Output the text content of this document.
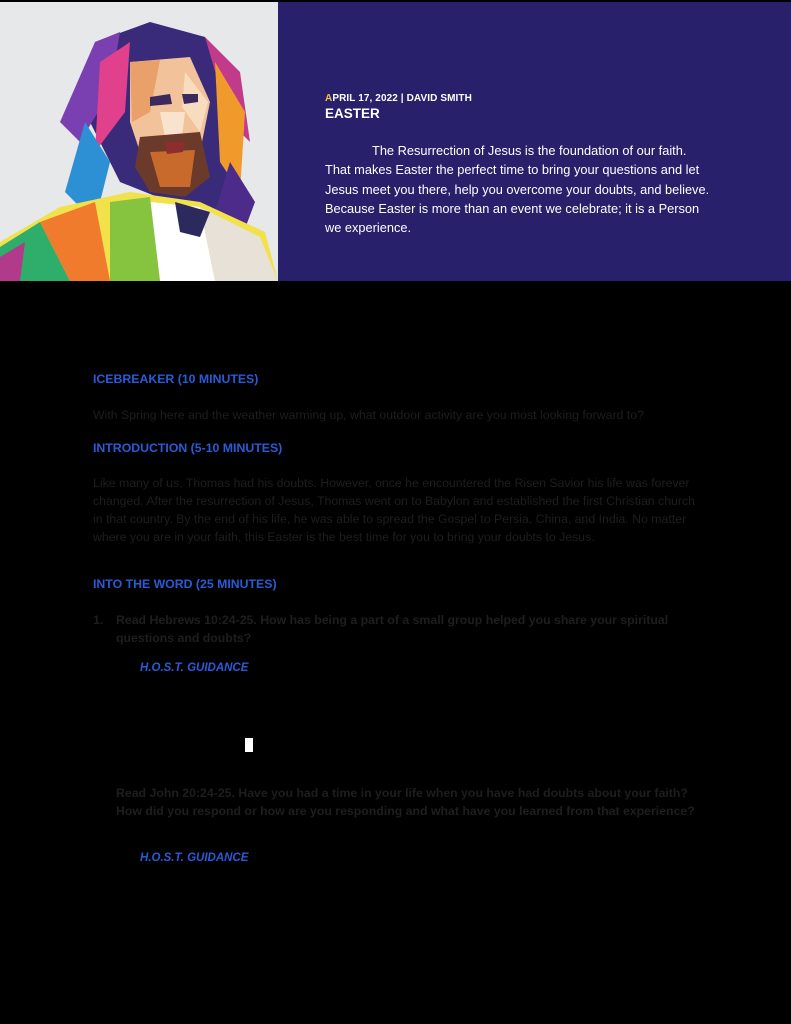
APRIL 17, 2022 | DAVID SMITH
EASTER

The Resurrection of Jesus is the foundation of our faith. That makes Easter the perfect time to bring your questions and let Jesus meet you there, help you overcome your doubts, and believe. Because Easter is more than an event we celebrate; it is a Person we experience.

ICEBREAKER (10 MINUTES)

With Spring here and the weather warming up, what outdoor activity are you most looking forward to?

INTRODUCTION (5-10 MINUTES)

Like many of us, Thomas had his doubts. However, once he encountered the Risen Savior his life was forever changed. After the resurrection of Jesus, Thomas went on to Babylon and established the first Christian church in that country. By the end of his life, he was able to spread the Gospel to Persia, China, and India. No matter where you are in your faith, this Easter is the best time for you to bring your doubts to Jesus.

INTO THE WORD (25 MINUTES)
1. Read Hebrews 10:24-25. How has being a part of a small group helped you share your spiritual questions and doubts?

H.O.S.T. GUIDANCE

Read John 20:24-25. Have you had a time in your life when you have had doubts about your faith? How did you respond or how are you responding and what have you learned from that experience?

H.O.S.T. GUIDANCE
